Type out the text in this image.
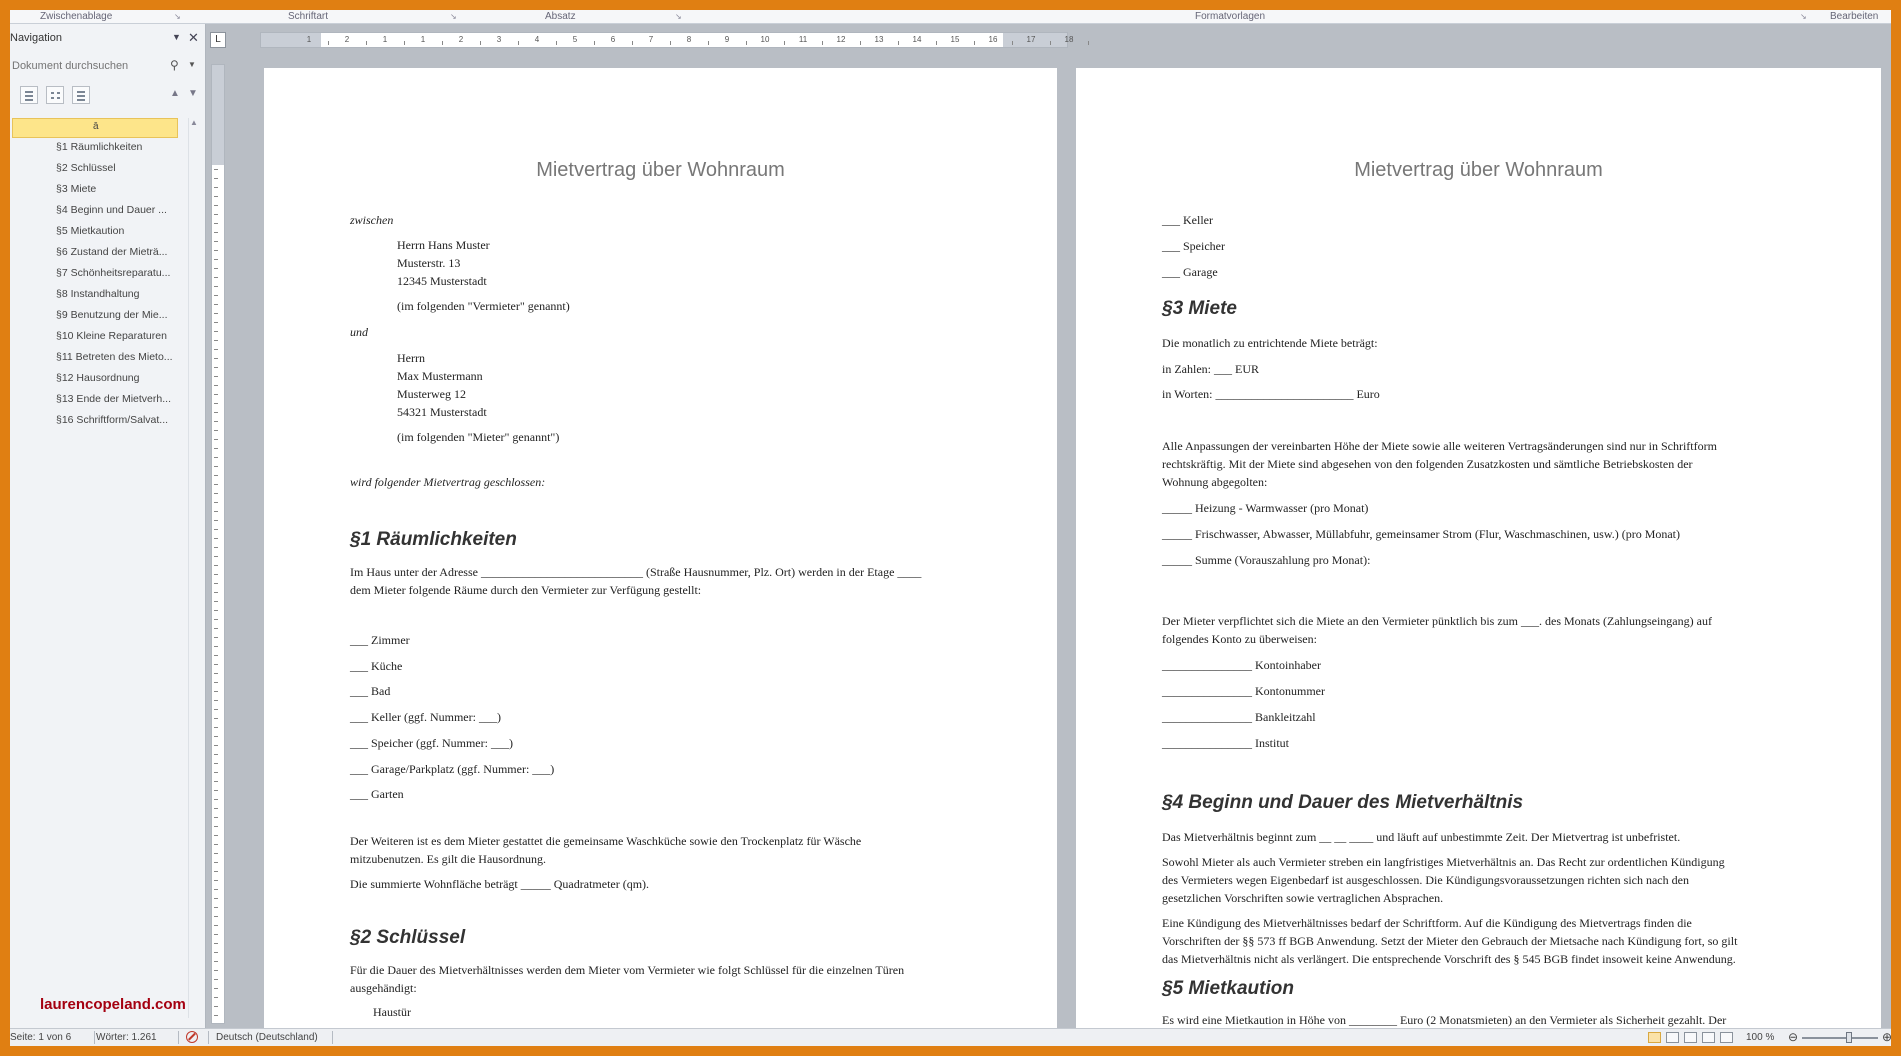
Zwischenablage	↘	Schriftart	↘	Absatz	↘	Formatvorlagen	↘ Bearbeiten
Navigation	▼ ✕
Dokument durchsuchen
⚲ ▼
▲ ▼
ā
§1 Räumlichkeiten
§2 Schlüssel
§3 Miete
§4 Beginn und Dauer ...
§5 Mietkaution
§6 Zustand der Mieträ...
§7 Schönheitsreparatu...
§8 Instandhaltung
§9 Benutzung der Mie...
§10 Kleine Reparaturen
§11 Betreten des Mieto...
§12 Hausordnung
§13 Ende der Mietverh...
§16 Schriftform/Salvat...
▲
laurencopeland.com
L	1	2	1	1	2	3	4	5	6	7	8	9	10	11	12	13	14	15	16	17	18
Mietvertrag über Wohnraum
zwischen
Herrn Hans Muster
Musterstr. 13
12345 Musterstadt
(im folgenden "Vermieter" genannt)
und
Herrn
Max Mustermann
Musterweg 12
54321 Musterstadt
(im folgenden "Mieter" genannt")
wird folgender Mietvertrag geschlossen:
§1 Räumlichkeiten
Im Haus unter der Adresse ___________________________ (Straße Hausnummer, Plz. Ort) werden in der Etage ____
dem Mieter folgende Räume durch den Vermieter zur Verfügung gestellt:
___ Zimmer
___ Küche
___ Bad
___ Keller (ggf. Nummer: ___)
___ Speicher (ggf. Nummer: ___)
___ Garage/Parkplatz (ggf. Nummer: ___)
___ Garten
Der Weiteren ist es dem Mieter gestattet die gemeinsame Waschküche sowie den Trockenplatz für Wäsche
mitzubenutzen. Es gilt die Hausordnung.
Die summierte Wohnfläche beträgt _____ Quadratmeter (qm).
§2 Schlüssel
Für die Dauer des Mietverhältnisses werden dem Mieter vom Vermieter wie folgt Schlüssel für die einzelnen Türen
ausgehändigt:
Haustür
Mietvertrag über Wohnraum
___ Keller
___ Speicher
___ Garage
§3 Miete
Die monatlich zu entrichtende Miete beträgt:
in Zahlen: ___ EUR
in Worten: _______________________ Euro
Alle Anpassungen der vereinbarten Höhe der Miete sowie alle weiteren Vertragsänderungen sind nur in Schriftform
rechtskräftig. Mit der Miete sind abgesehen von den folgenden Zusatzkosten und sämtliche Betriebskosten der
Wohnung abgegolten:
_____ Heizung - Warmwasser (pro Monat)
_____ Frischwasser, Abwasser, Müllabfuhr, gemeinsamer Strom (Flur, Waschmaschinen, usw.) (pro Monat)
_____ Summe (Vorauszahlung pro Monat):
Der Mieter verpflichtet sich die Miete an den Vermieter pünktlich bis zum ___. des Monats (Zahlungseingang) auf
folgendes Konto zu überweisen:
_______________ Kontoinhaber
_______________ Kontonummer
_______________ Bankleitzahl
_______________ Institut
§4 Beginn und Dauer des Mietverhältnis
Das Mietverhältnis beginnt zum __ __ ____ und läuft auf unbestimmte Zeit. Der Mietvertrag ist unbefristet.
Sowohl Mieter als auch Vermieter streben ein langfristiges Mietverhältnis an. Das Recht zur ordentlichen Kündigung
des Vermieters wegen Eigenbedarf ist ausgeschlossen. Die Kündigungsvoraussetzungen richten sich nach den
gesetzlichen Vorschriften sowie vertraglichen Absprachen.
Eine Kündigung des Mietverhältnisses bedarf der Schriftform. Auf die Kündigung des Mietvertrags finden die
Vorschriften der §§ 573 ff BGB Anwendung. Setzt der Mieter den Gebrauch der Mietsache nach Kündigung fort, so gilt
das Mietverhältnis nicht als verlängert. Die entsprechende Vorschrift des § 545 BGB findet insoweit keine Anwendung.
§5 Mietkaution
Es wird eine Mietkaution in Höhe von ________ Euro (2 Monatsmieten) an den Vermieter als Sicherheit gezahlt. Der
Seite: 1 von 6 Wörter: 1.261	Deutsch (Deutschland)	100 % ⊖	⊕
